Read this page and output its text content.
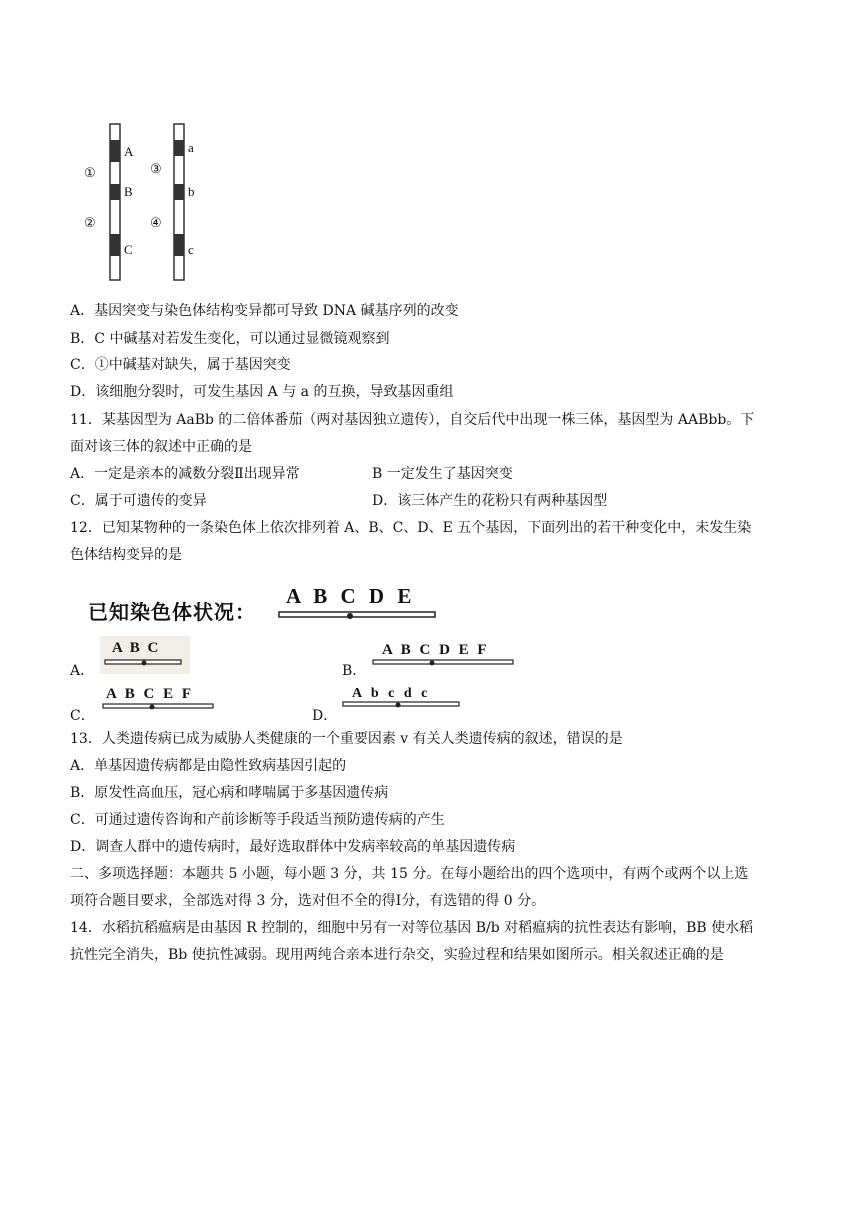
①
②
③
④
A
B
C
a
b
c
A．基因突变与染色体结构变异都可导致 DNA 碱基序列的改变
B．C 中碱基对若发生变化，可以通过显微镜观察到
C．①中碱基对缺失，属于基因突变
D．该细胞分裂时，可发生基因 A 与 a 的互换，导致基因重组
11．某基因型为 AaBb 的二倍体番茄（两对基因独立遗传），自交后代中出现一株三体，基因型为 AABbb。下
面对该三体的叙述中正确的是
A．一定是亲本的减数分裂Ⅱ出现异常	B 一定发生了基因突变
C．属于可遗传的变异	D．该三体产生的花粉只有两种基因型
12．已知某物种的一条染色体上依次排列着 A、B、C、D、E 五个基因，下面列出的若干种变化中，未发生染
色体结构变异的是
已知染色体状况：
A B C D E
A．
A B C
B．
A B C D E F
C．
A B C E F
D．
A b c d c
13．人类遗传病已成为威胁人类健康的一个重要因素 v 有关人类遗传病的叙述，错误的是
A．单基因遗传病都是由隐性致病基因引起的
B．原发性高血压，冠心病和哮喘属于多基因遗传病
C．可通过遗传咨询和产前诊断等手段适当预防遗传病的产生
D．调查人群中的遗传病时，最好选取群体中发病率较高的单基因遗传病
二、多项选择题：本题共 5 小题，每小题 3 分，共 15 分。在每小题给出的四个选项中，有两个或两个以上选
项符合题目要求，全部选对得 3 分，选对但不全的得Ⅰ分，有选错的得 0 分。
14．水稻抗稻瘟病是由基因 R 控制的，细胞中另有一对等位基因 B/b 对稻瘟病的抗性表达有影响，BB 使水稻
抗性完全消失，Bb 使抗性减弱。现用两纯合亲本进行杂交，实验过程和结果如图所示。相关叙述正确的是
